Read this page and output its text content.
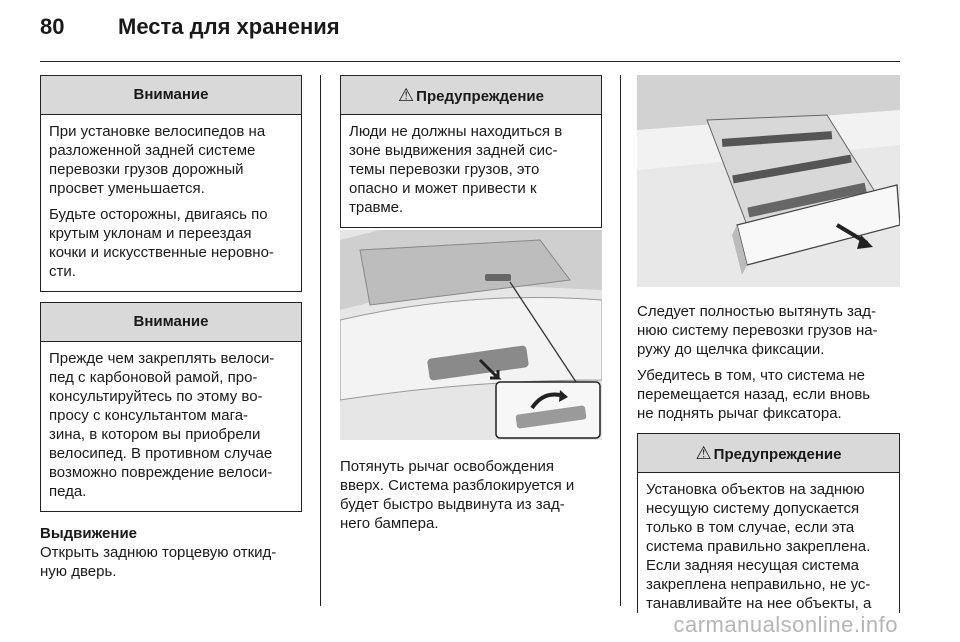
80	Места для хранения
Внимание

При установке велосипедов на
разложенной задней системе
перевозки грузов дорожный
просвет уменьшается.

Будьте осторожны, двигаясь по
крутым уклонам и переездая
кочки и искусственные неровно-
сти.

Внимание

Прежде чем закреплять велоси-
пед с карбоновой рамой, про-
консультируйтесь по этому во-
просу с консультантом мага-
зина, в котором вы приобрели
велосипед. В противном случае
возможно повреждение велоси-
педа.

Выдвижение

Открыть заднюю торцевую откид-
ную дверь.

⚠ Предупреждение

Люди не должны находиться в
зоне выдвижения задней сис-
темы перевозки грузов, это
опасно и может привести к
травме.

Потянуть рычаг освобождения
вверх. Система разблокируется и
будет быстро выдвинута из зад-
него бампера.

Следует полностью вытянуть зад-
нюю систему перевозки грузов на-
ружу до щелчка фиксации.

Убедитесь в том, что система не
перемещается назад, если вновь
не поднять рычаг фиксатора.

⚠ Предупреждение

Установка объектов на заднюю
несущую систему допускается
только в том случае, если эта
система правильно закреплена.
Если задняя несущая система
закреплена неправильно, не ус-
танавливайте на нее объекты, а

carmanualsonline.info
